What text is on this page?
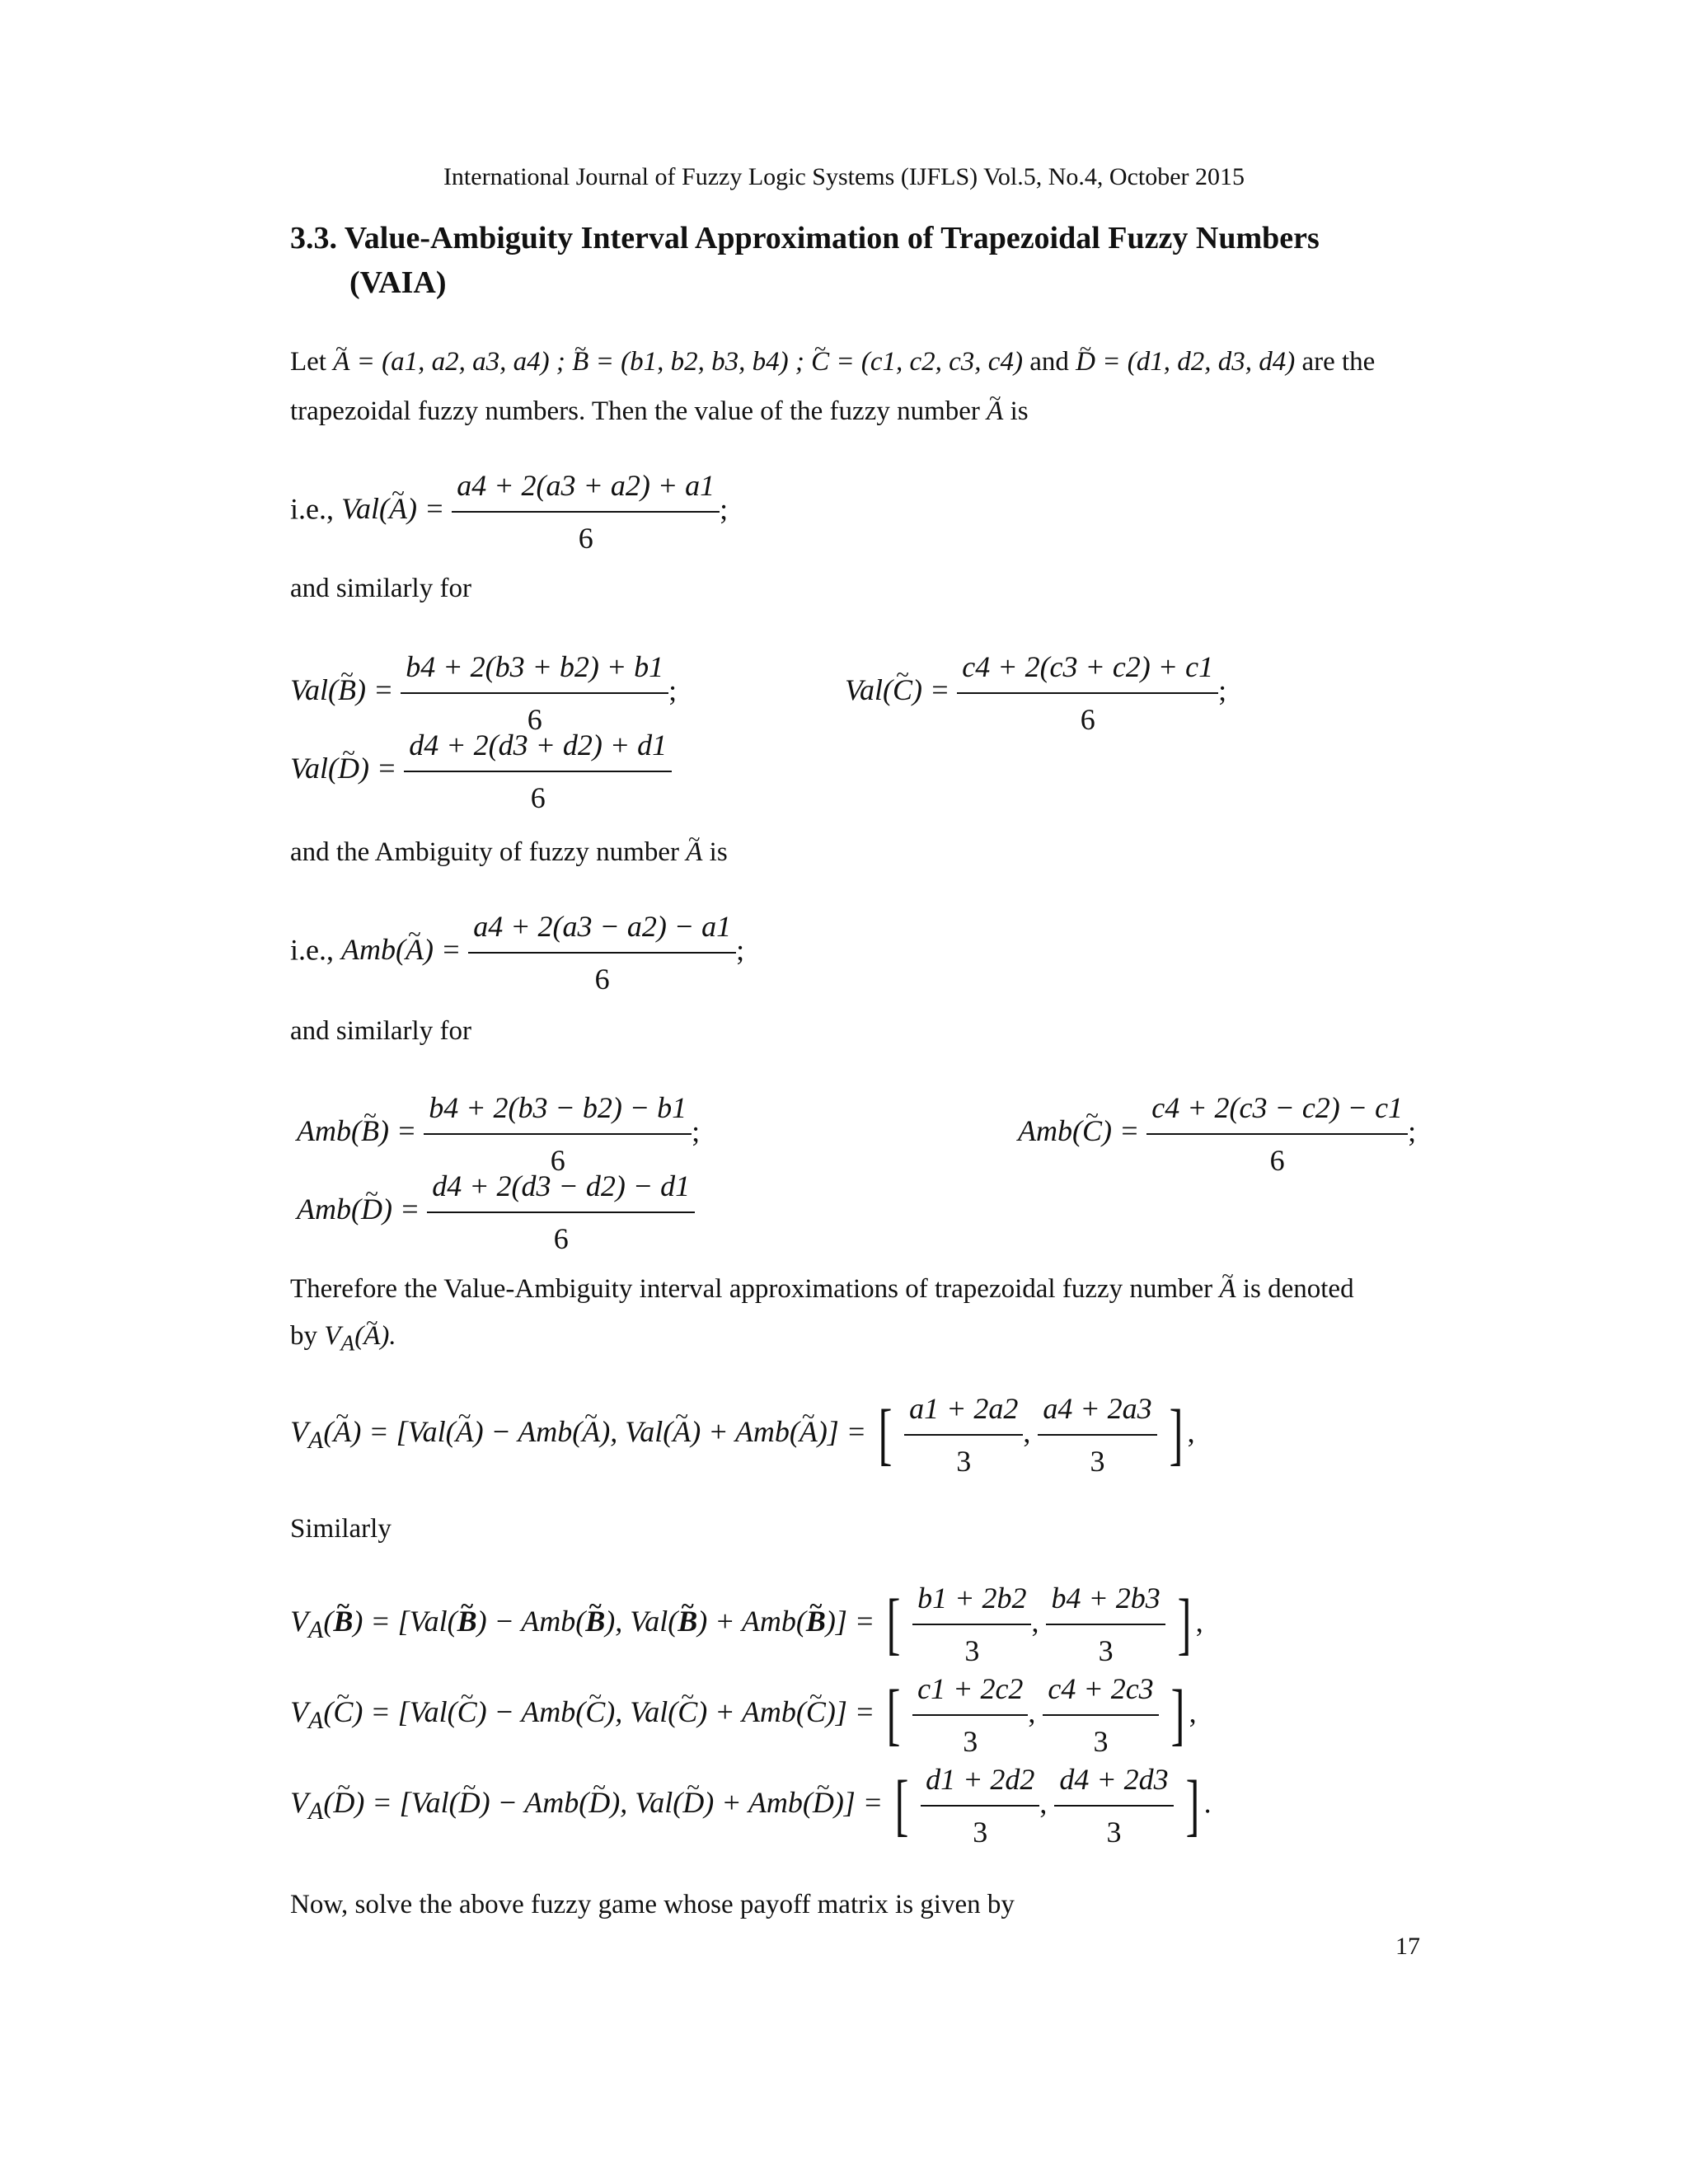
International Journal of Fuzzy Logic Systems (IJFLS) Vol.5, No.4, October 2015
3.3. Value-Ambiguity Interval Approximation of Trapezoidal Fuzzy Numbers
(VAIA)
Let ~ A = (a1, a2, a3, a4) ; ~ B = (b1, b2, b3, b4) ; ~ C = (c1, c2, c3, c4) and ~ D = (d1, d2, d3, d4) are the
trapezoidal fuzzy numbers. Then the value of the fuzzy number ~ A is
i.e., Val(~ $A) = \frac{a4 + 2(a3 + a2) + a1}{6}$ ;
and similarly for
Val(~ $B) = \frac{b4 + 2(b3 + b2) + b1}{6}$ ;	Val(~ $C) = \frac{c4 + 2(c3 + c2) + c1}{6}$ ;
Val(~ $D) = \frac{d4 + 2(d3 + d2) + d1}{6}$
and the Ambiguity of fuzzy number ~ A is
i.e., Amb(~ $A) = \frac{a4 + 2(a3 - a2) - a1}{6}$ ;
and similarly for
Amb(~ $B) = \frac{b4 + 2(b3 - b2) - b1}{6}$ ;	Amb(~ $C) = \frac{c4 + 2(c3 - c2) - c1}{6}$ ;
Amb(~ $D) = \frac{d4 + 2(d3 - d2) - d1}{6}$
Therefore the Value-Ambiguity interval approximations of trapezoidal fuzzy number ~ A is denoted
by $V_A(\sim$ A).
$V_A(\sim$ A) = [Val(~ A) − Amb(~ A), Val(~ A) + Amb(~ A)] = [ $\frac{a1 + 2a2}{3}$ , $\frac{a4 + 2a3}{3}$ ] ,
Similarly
$V_A(\sim$ B) = [Val(~ B) − Amb(~ B), Val(~ B) + Amb(~ B)] = [ $\frac{b1 + 2b2}{3}$ , $\frac{b4 + 2b3}{3}$ ] ,
$V_A(\sim$ C) = [Val(~ C) − Amb(~ C), Val(~ C) + Amb(~ C)] = [ $\frac{c1 + 2c2}{3}$ , $\frac{c4 + 2c3}{3}$ ] ,
$V_A(\sim$ D) = [Val(~ D) − Amb(~ D), Val(~ D) + Amb(~ D)] = [ $\frac{d1 + 2d2}{3}$ , $\frac{d4 + 2d3}{3}$ ] .
Now, solve the above fuzzy game whose payoff matrix is given by
17
